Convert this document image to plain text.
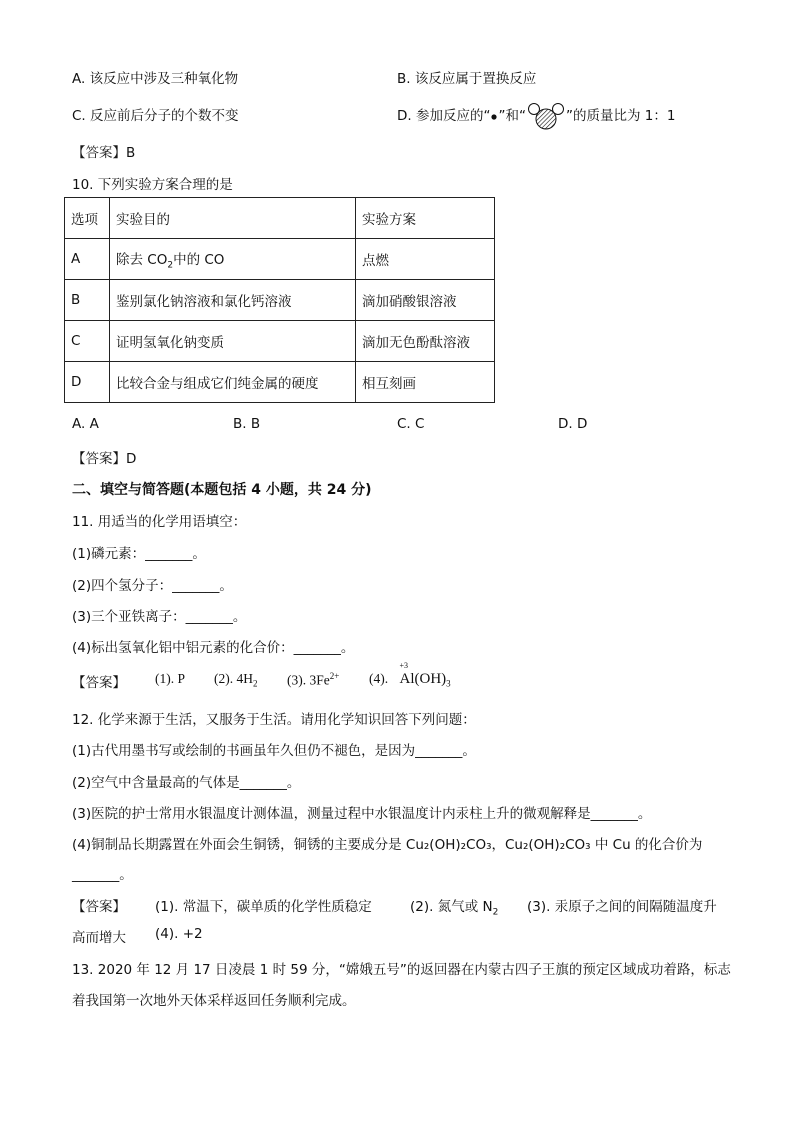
A. 该反应中涉及三种氧化物	B. 该反应属于置换反应
C. 反应前后分子的个数不变	D. 参加反应的“ ”和“	”的质量比为 1：1
【答案】B
10. 下列实验方案合理的是
选项	实验目的	实验方案
A	除去 $CO_2$中的 CO	点燃
B	鉴别氯化钠溶液和氯化钙溶液	滴加硝酸银溶液
C	证明氢氧化钠变质	滴加无色酚酞溶液
D	比较合金与组成它们纯金属的硬度	相互刻画
A. A	B. B	C. C	D. D
【答案】D
二、填空与简答题(本题包括 4 小题，共 24 分)
11. 用适当的化学用语填空：
(1)磷元素：_______。
(2)四个氢分子：_______。
(3)三个亚铁离子：_______。
(4)标出氢氧化铝中铝元素的化合价：_______。
【答案】 (1). P (2). $4H_2$ (3). $3Fe^{2+}$ (4).
+3
$Al(OH)_3$
12. 化学来源于生活，又服务于生活。请用化学知识回答下列问题：
(1)古代用墨书写或绘制的书画虽年久但仍不褪色，是因为_______。
(2)空气中含量最高的气体是_______。
(3)医院的护士常用水银温度计测体温，测量过程中水银温度计内汞柱上升的微观解释是_______。
(4)铜制品长期露置在外面会生铜锈，铜锈的主要成分是 Cu₂(OH)₂CO₃，Cu₂(OH)₂CO₃ 中 Cu 的化合价为
_______。
【答案】 (1). 常温下，碳单质的化学性质稳定	(2). 氮气或 $N_2$ (3). 汞原子之间的间隔随温度升
高而增大 (4). +2
13. 2020 年 12 月 17 日凌晨 1 时 59 分，“嫦娥五号”的返回器在内蒙古四子王旗的预定区域成功着路，标志
着我国第一次地外天体采样返回任务顺利完成。
